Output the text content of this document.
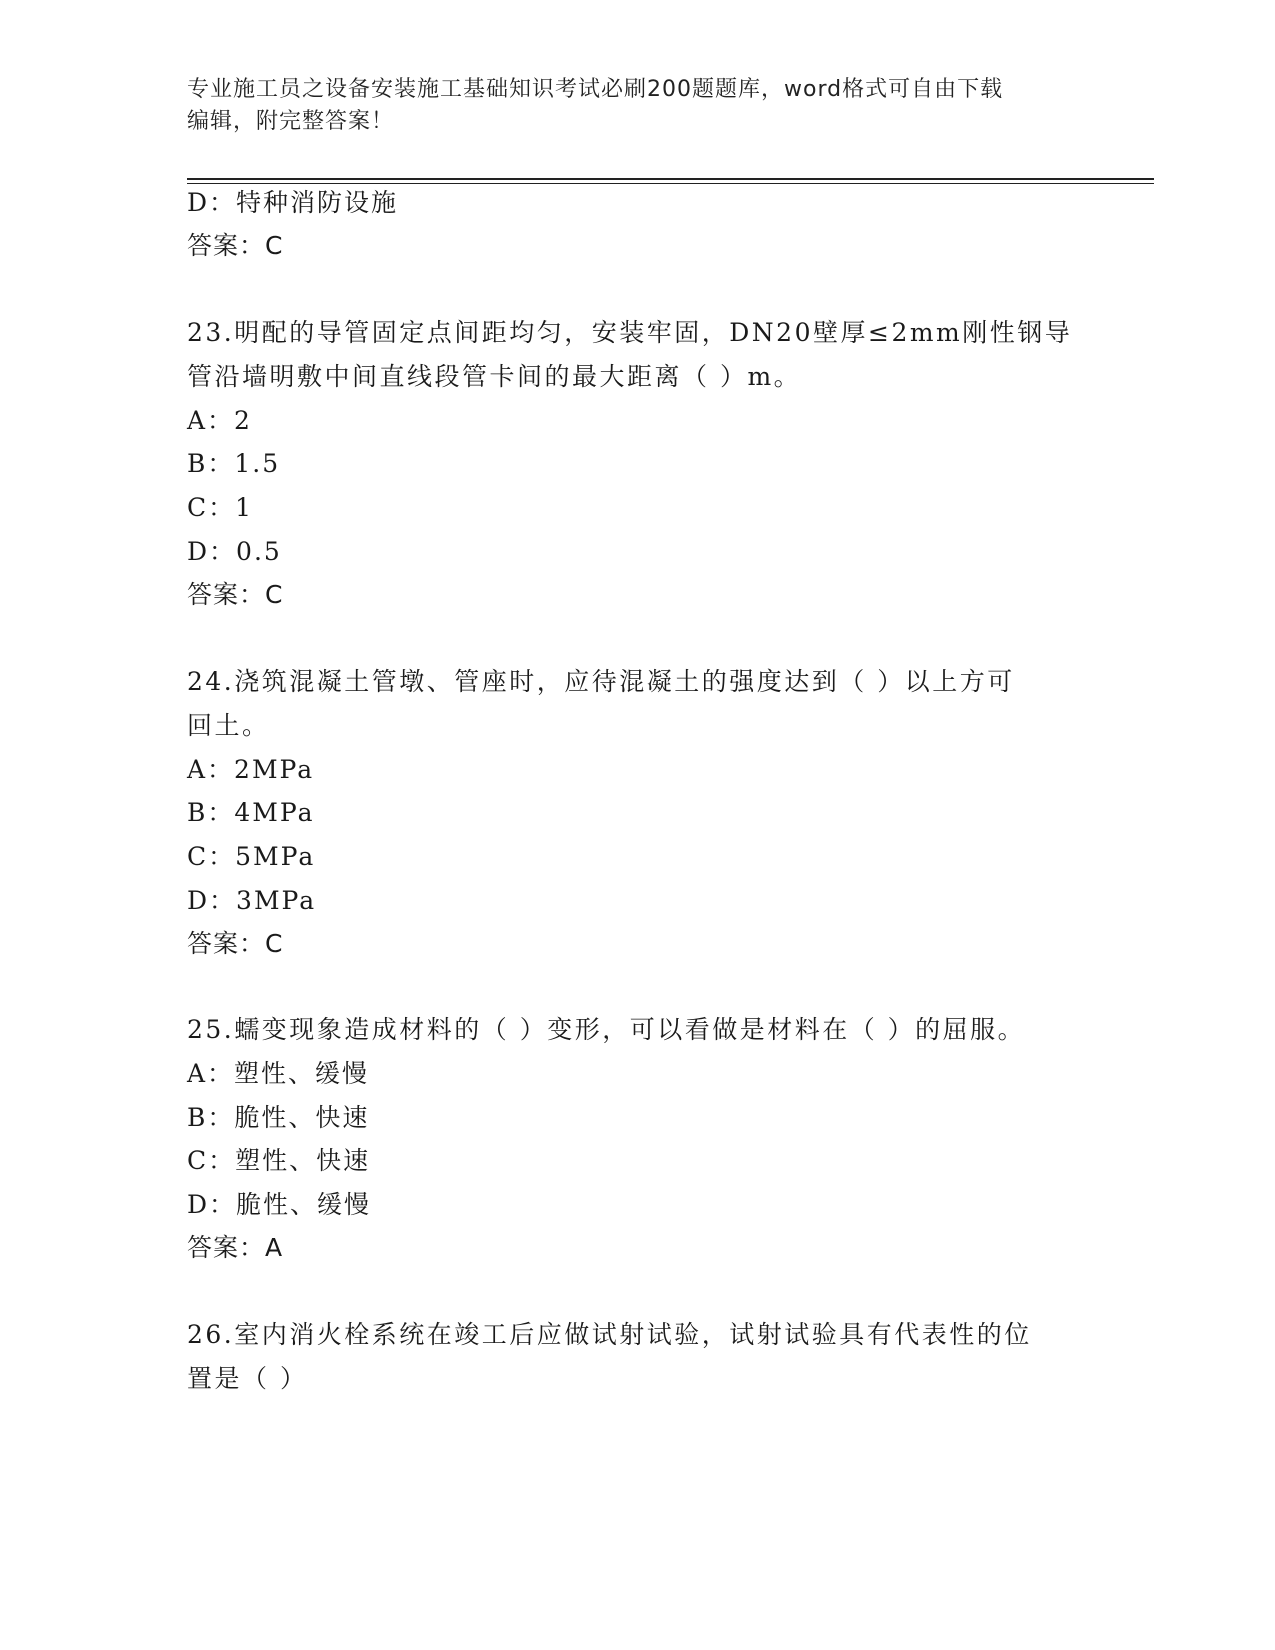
专业施工员之设备安装施工基础知识考试必刷200题题库，word格式可自由下载
编辑，附完整答案！
D：特种消防设施
答案：C
23.明配的导管固定点间距均匀，安装牢固，DN20壁厚≤2mm刚性钢导
管沿墙明敷中间直线段管卡间的最大距离（ ）m。
A：2
B：1.5
C：1
D：0.5
答案：C
24.浇筑混凝土管墩、管座时，应待混凝土的强度达到（ ）以上方可
回土。
A：2MPa
B：4MPa
C：5MPa
D：3MPa
答案：C
25.蠕变现象造成材料的（ ）变形，可以看做是材料在（ ）的屈服。
A：塑性、缓慢
B：脆性、快速
C：塑性、快速
D：脆性、缓慢
答案：A
26.室内消火栓系统在竣工后应做试射试验，试射试验具有代表性的位
置是（ ）
